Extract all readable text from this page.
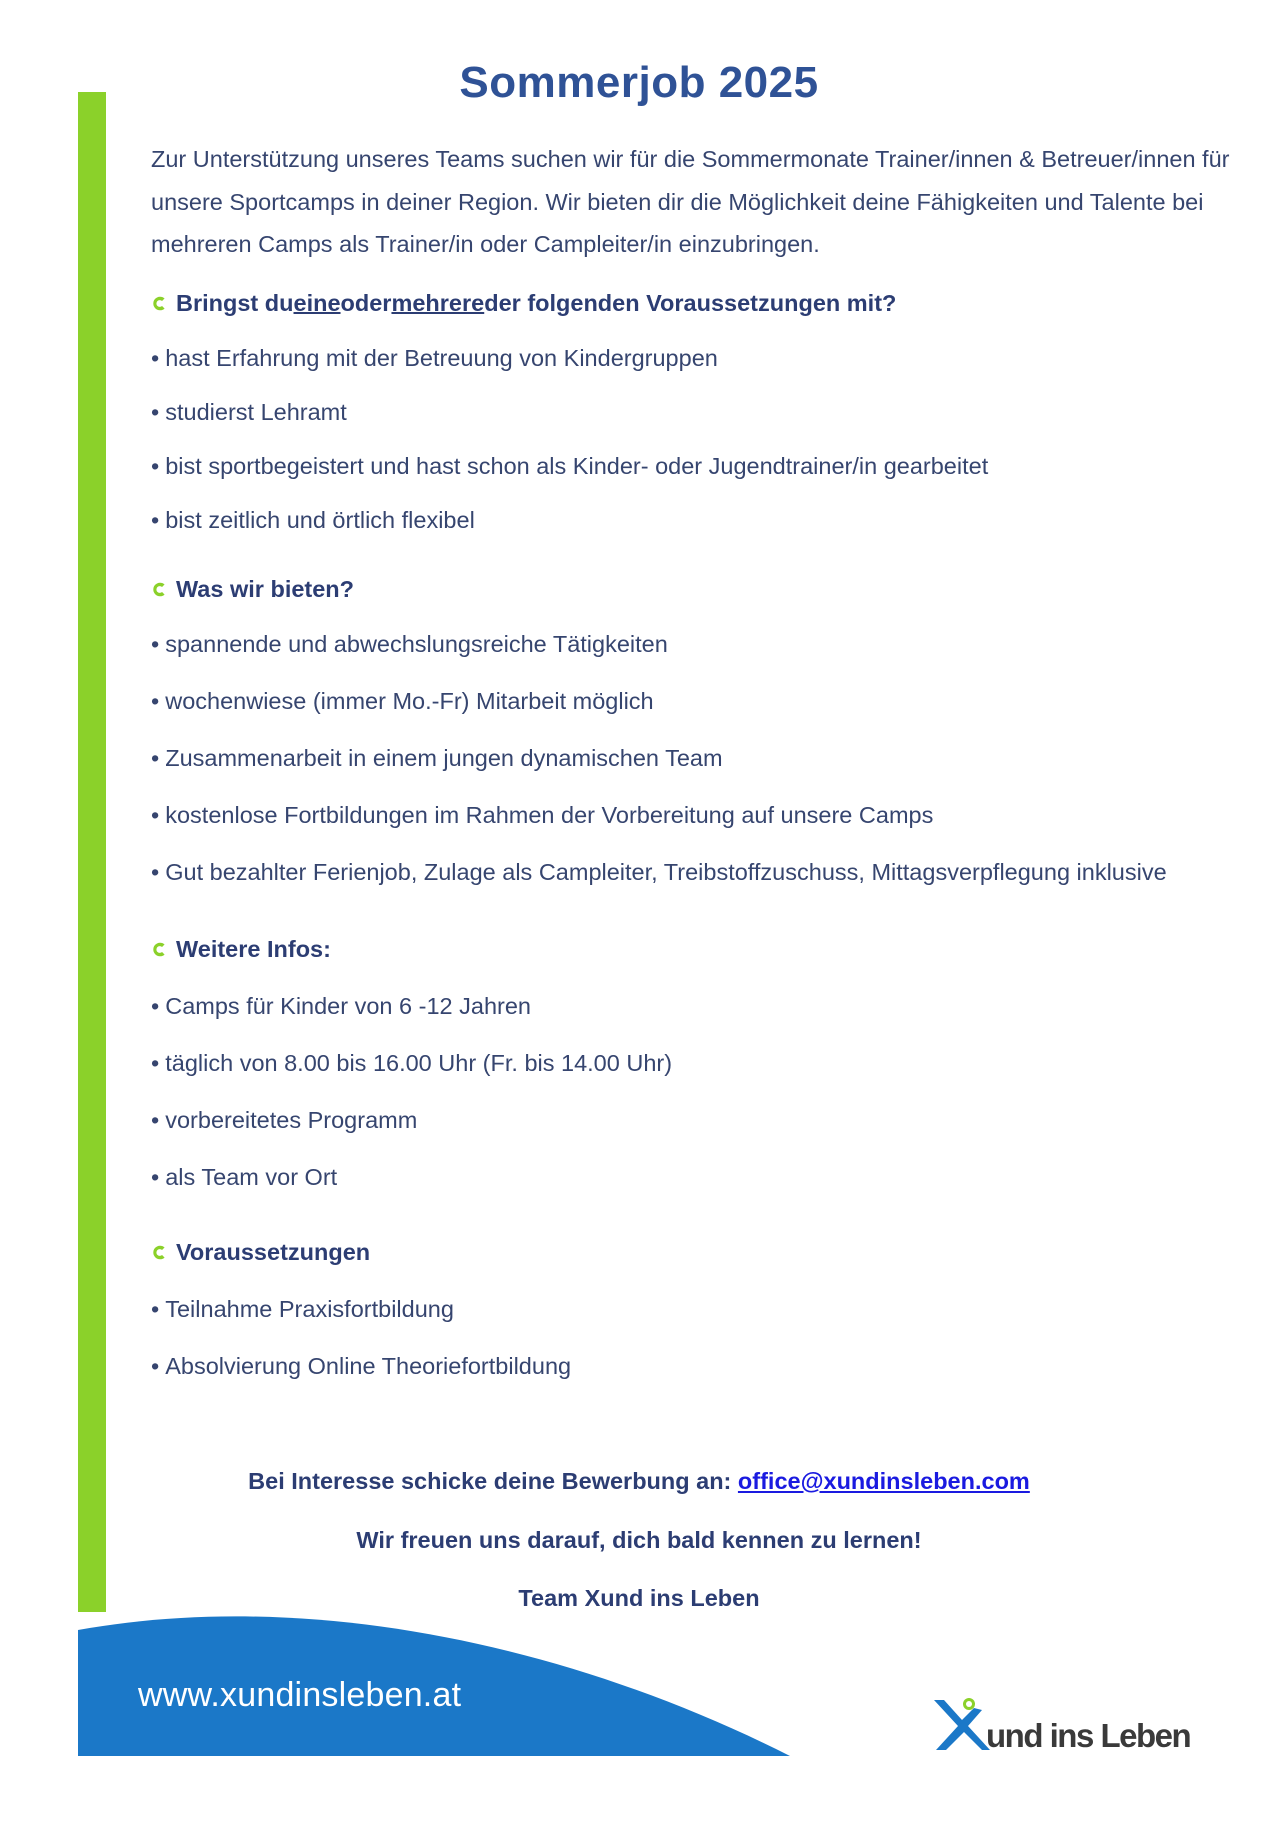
Sommerjob 2025

Zur Unterstützung unseres Teams suchen wir für die Sommermonate Trainer/innen & Betreuer/innen für unsere Sportcamps in deiner Region. Wir bieten dir die Möglichkeit deine Fähigkeiten und Talente bei mehreren Camps als Trainer/in oder Campleiter/in einzubringen.

Bringst du eine oder mehrere der folgenden Voraussetzungen mit?
• hast Erfahrung mit der Betreuung von Kindergruppen
• studierst Lehramt
• bist sportbegeistert und hast schon als Kinder- oder Jugendtrainer/in gearbeitet
• bist zeitlich und örtlich flexibel
Was wir bieten?
• spannende und abwechslungsreiche Tätigkeiten
• wochenwiese (immer Mo.-Fr) Mitarbeit möglich
• Zusammenarbeit in einem jungen dynamischen Team
• kostenlose Fortbildungen im Rahmen der Vorbereitung auf unsere Camps
• Gut bezahlter Ferienjob, Zulage als Campleiter, Treibstoffzuschuss, Mittagsverpflegung inklusive
Weitere Infos:
• Camps für Kinder von 6 -12 Jahren
• täglich von 8.00 bis 16.00 Uhr (Fr. bis 14.00 Uhr)
• vorbereitetes Programm
• als Team vor Ort
Voraussetzungen
• Teilnahme Praxisfortbildung
• Absolvierung Online Theoriefortbildung
Bei Interesse schicke deine Bewerbung an: office@xundinsleben.com
Wir freuen uns darauf, dich bald kennen zu lernen!
Team Xund ins Leben
www.xundinsleben.at
und ins Leben
